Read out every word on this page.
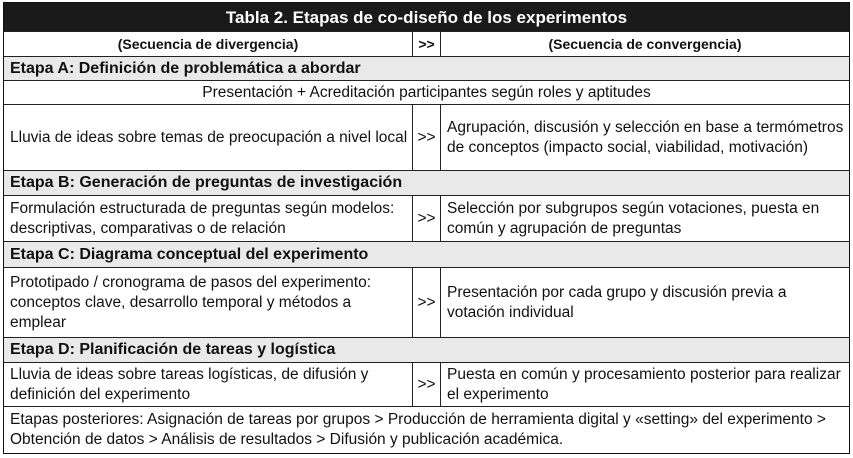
Tabla 2. Etapas de co-diseño de los experimentos
(Secuencia de divergencia)	>>	(Secuencia de convergencia)
Etapa A: Definición de problemática a abordar
Presentación + Acreditación participantes según roles y aptitudes
Lluvia de ideas sobre temas de preocupación a nivel local >>
Agrupación, discusión y selección en base a termómetros de conceptos (impacto social, viabilidad, motivación)
Etapa B: Generación de preguntas de investigación
Formulación estructurada de preguntas según modelos: descriptivas, comparativas o de relación
>>
Selección por subgrupos según votaciones, puesta en común y agrupación de preguntas
Etapa C: Diagrama conceptual del experimento
Prototipado / cronograma de pasos del experimento: conceptos clave, desarrollo temporal y métodos a emplear
>>
Presentación por cada grupo y discusión previa a votación individual
Etapa D: Planificación de tareas y logística
Lluvia de ideas sobre tareas logísticas, de difusión y definición del experimento
>>
Puesta en común y procesamiento posterior para realizar el experimento
Etapas posteriores: Asignación de tareas por grupos > Producción de herramienta digital y «setting» del experimento > Obtención de datos > Análisis de resultados > Difusión y publicación académica.
